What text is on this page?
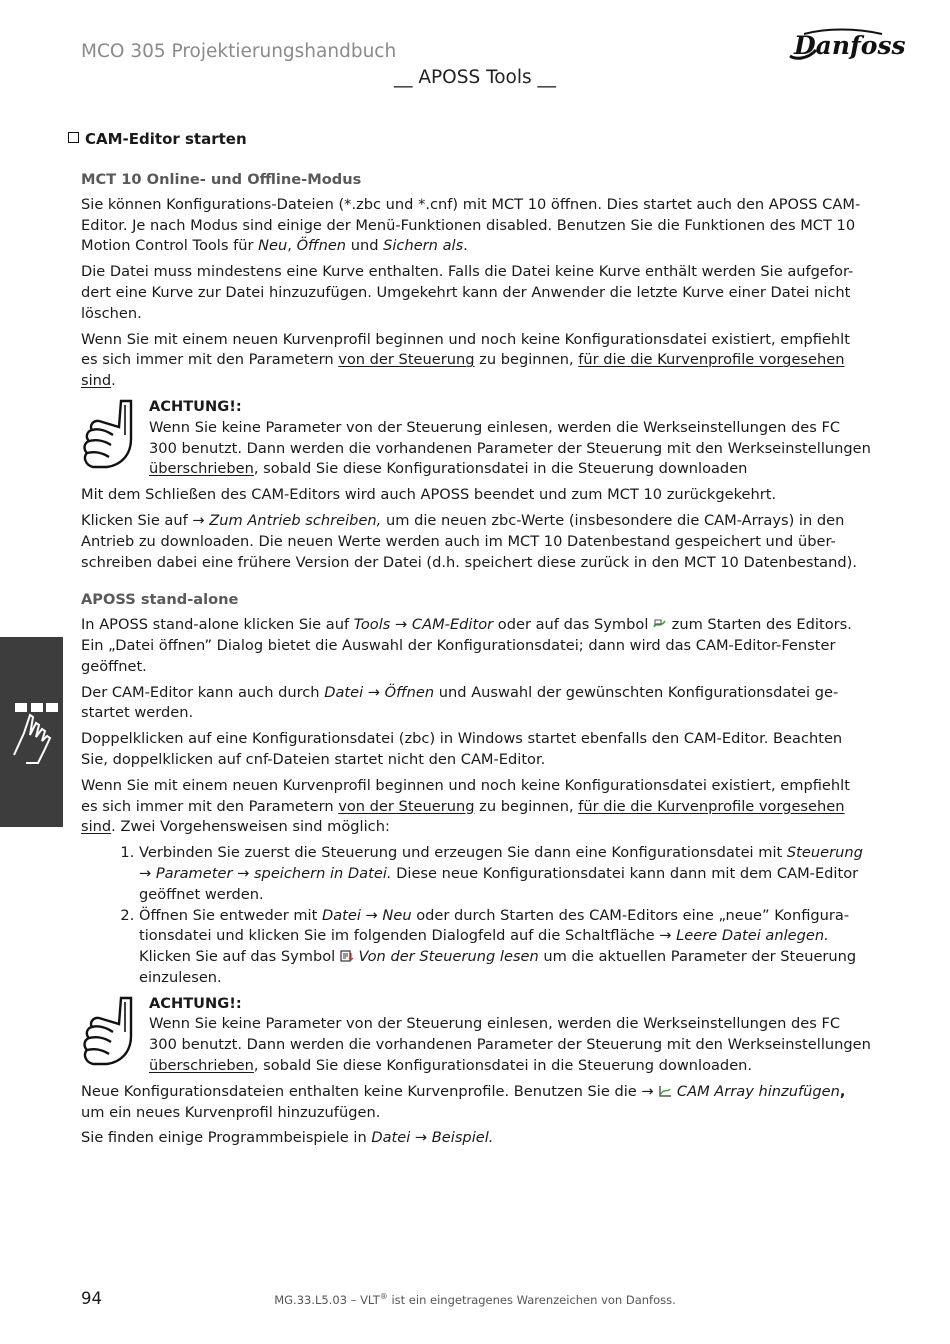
MCO 305 Projektierungshandbuch	Danfoss
__ APOSS Tools __
CAM-Editor starten
MCT 10 Online- und Offline-Modus

Sie können Konfigurations-Dateien (*.zbc und *.cnf) mit MCT 10 öffnen. Dies startet auch den APOSS CAM-Editor. Je nach Modus sind einige der Menü-Funktionen disabled. Benutzen Sie die Funktionen des MCT 10 Motion Control Tools für Neu, Öffnen und Sichern als.

Die Datei muss mindestens eine Kurve enthalten. Falls die Datei keine Kurve enthält werden Sie aufgefor-dert eine Kurve zur Datei hinzuzufügen. Umgekehrt kann der Anwender die letzte Kurve einer Datei nicht löschen.

Wenn Sie mit einem neuen Kurvenprofil beginnen und noch keine Konfigurationsdatei existiert, empfiehlt es sich immer mit den Parametern von der Steuerung zu beginnen, für die die Kurvenprofile vorgesehen sind.

ACHTUNG!:
Wenn Sie keine Parameter von der Steuerung einlesen, werden die Werkseinstellungen des FC 300 benutzt. Dann werden die vorhandenen Parameter der Steuerung mit den Werkseinstellungen überschrieben, sobald Sie diese Konfigurationsdatei in die Steuerung downloaden

Mit dem Schließen des CAM-Editors wird auch APOSS beendet und zum MCT 10 zurückgekehrt.

Klicken Sie auf → Zum Antrieb schreiben, um die neuen zbc-Werte (insbesondere die CAM-Arrays) in den Antrieb zu downloaden. Die neuen Werte werden auch im MCT 10 Datenbestand gespeichert und über-schreiben dabei eine frühere Version der Datei (d.h. speichert diese zurück in den MCT 10 Datenbestand).

APOSS stand-alone

In APOSS stand-alone klicken Sie auf Tools → CAM-Editor oder auf das Symbol  zum Starten des Editors. Ein „Datei öffnen” Dialog bietet die Auswahl der Konfigurationsdatei; dann wird das CAM-Editor-Fenster geöffnet.

Der CAM-Editor kann auch durch Datei → Öffnen und Auswahl der gewünschten Konfigurationsdatei ge-startet werden.

Doppelklicken auf eine Konfigurationsdatei (zbc) in Windows startet ebenfalls den CAM-Editor. Beachten Sie, doppelklicken auf cnf-Dateien startet nicht den CAM-Editor.

Wenn Sie mit einem neuen Kurvenprofil beginnen und noch keine Konfigurationsdatei existiert, empfiehlt es sich immer mit den Parametern von der Steuerung zu beginnen, für die die Kurvenprofile vorgesehen sind. Zwei Vorgehensweisen sind möglich:

1. Verbinden Sie zuerst die Steuerung und erzeugen Sie dann eine Konfigurationsdatei mit Steuerung → Parameter → speichern in Datei. Diese neue Konfigurationsdatei kann dann mit dem CAM-Editor geöffnet werden.
2. Öffnen Sie entweder mit Datei → Neu oder durch Starten des CAM-Editors eine „neue” Konfigura-tionsdatei und klicken Sie im folgenden Dialogfeld auf die Schaltfläche → Leere Datei anlegen. Klicken Sie auf das Symbol  Von der Steuerung lesen um die aktuellen Parameter der Steuerung einzulesen.
ACHTUNG!:
Wenn Sie keine Parameter von der Steuerung einlesen, werden die Werkseinstellungen des FC 300 benutzt. Dann werden die vorhandenen Parameter der Steuerung mit den Werkseinstellungen überschrieben, sobald Sie diese Konfigurationsdatei in die Steuerung downloaden.

Neue Konfigurationsdateien enthalten keine Kurvenprofile. Benutzen Sie die →  CAM Array hinzufügen, um ein neues Kurvenprofil hinzuzufügen.

Sie finden einige Programmbeispiele in Datei → Beispiel.

94	MG.33.L5.03 – VLT® ist ein eingetragenes Warenzeichen von Danfoss.
